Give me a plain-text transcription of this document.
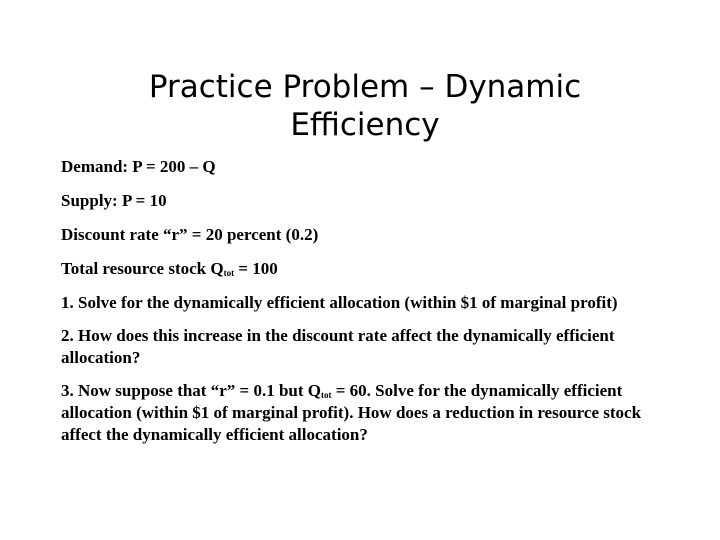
Practice Problem – Dynamic
Efficiency
Demand: P = 200 – Q
Supply: P = 10
Discount rate “r” = 20 percent (0.2)
Total resource stock $Q_{tot} = 100$
1. Solve for the dynamically efficient allocation (within $1 of marginal profit)
2. How does this increase in the discount rate affect the dynamically efficient allocation?
3. Now suppose that “r” = 0.1 but $Q_{tot} = 60$. Solve for the dynamically efficient allocation (within $1 of marginal profit). How does a reduction in resource stock affect the dynamically efficient allocation?
